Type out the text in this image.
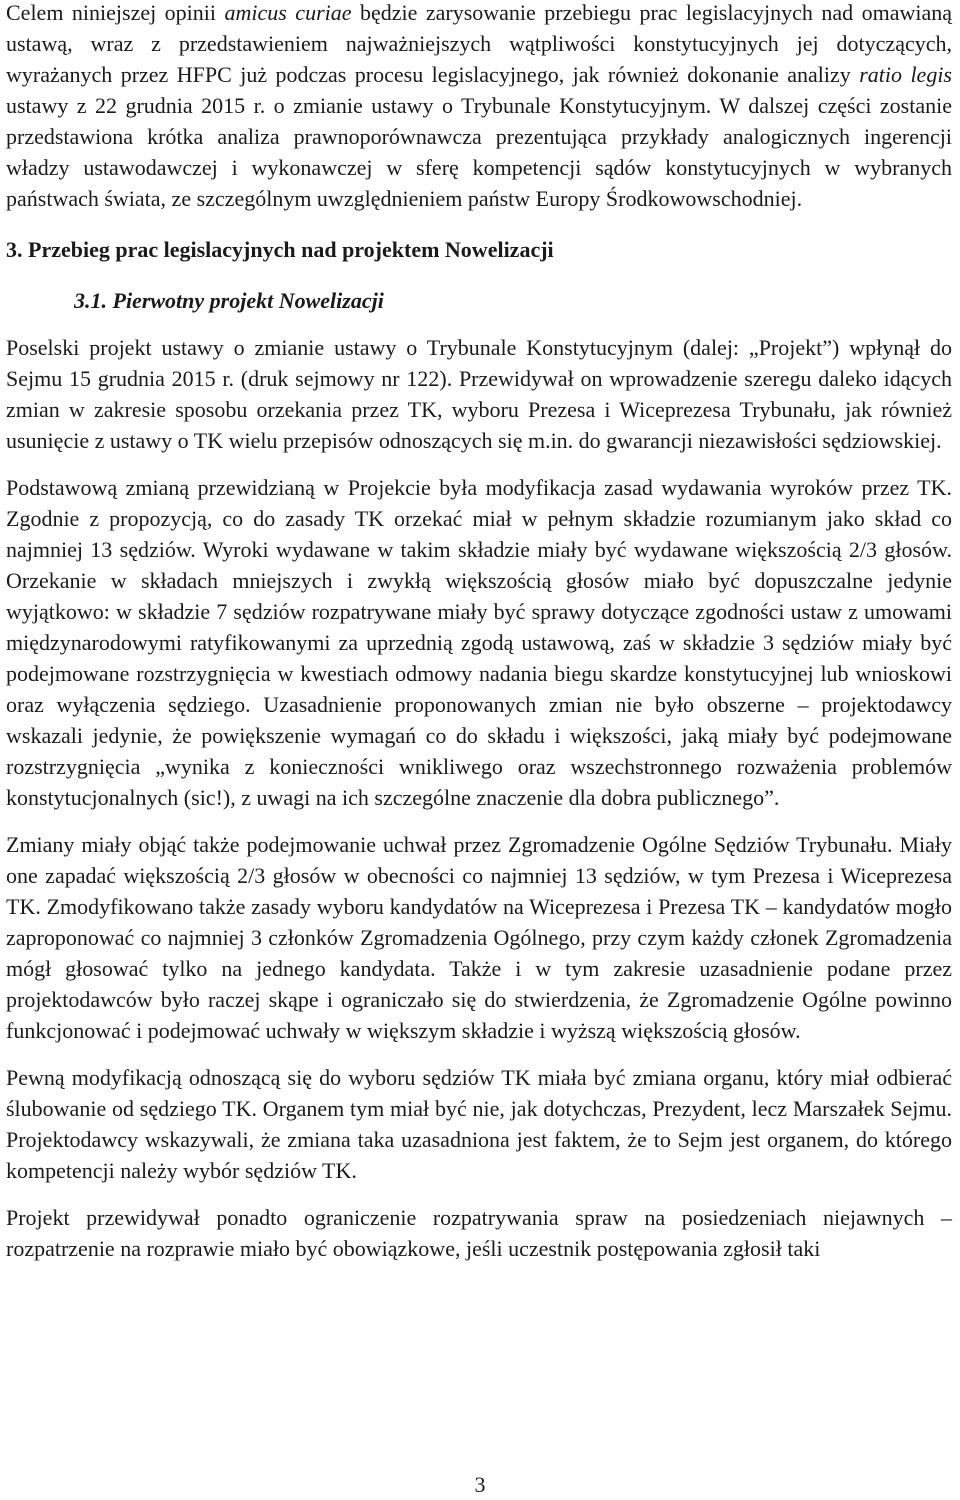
Celem niniejszej opinii amicus curiae będzie zarysowanie przebiegu prac legislacyjnych nad omawianą ustawą, wraz z przedstawieniem najważniejszych wątpliwości konstytucyjnych jej dotyczących, wyrażanych przez HFPC już podczas procesu legislacyjnego, jak również dokonanie analizy ratio legis ustawy z 22 grudnia 2015 r. o zmianie ustawy o Trybunale Konstytucyjnym. W dalszej części zostanie przedstawiona krótka analiza prawnoporównawcza prezentująca przykłady analogicznych ingerencji władzy ustawodawczej i wykonawczej w sferę kompetencji sądów konstytucyjnych w wybranych państwach świata, ze szczególnym uwzględnieniem państw Europy Środkowowschodniej.

3. Przebieg prac legislacyjnych nad projektem Nowelizacji
3.1. Pierwotny projekt Nowelizacji

Poselski projekt ustawy o zmianie ustawy o Trybunale Konstytucyjnym (dalej: „Projekt”) wpłynął do Sejmu 15 grudnia 2015 r. (druk sejmowy nr 122). Przewidywał on wprowadzenie szeregu daleko idących zmian w zakresie sposobu orzekania przez TK, wyboru Prezesa i Wiceprezesa Trybunału, jak również usunięcie z ustawy o TK wielu przepisów odnoszących się m.in. do gwarancji niezawisłości sędziowskiej.

Podstawową zmianą przewidzianą w Projekcie była modyfikacja zasad wydawania wyroków przez TK. Zgodnie z propozycją, co do zasady TK orzekać miał w pełnym składzie rozumianym jako skład co najmniej 13 sędziów. Wyroki wydawane w takim składzie miały być wydawane większością 2/3 głosów. Orzekanie w składach mniejszych i zwykłą większością głosów miało być dopuszczalne jedynie wyjątkowo: w składzie 7 sędziów rozpatrywane miały być sprawy dotyczące zgodności ustaw z umowami międzynarodowymi ratyfikowanymi za uprzednią zgodą ustawową, zaś w składzie 3 sędziów miały być podejmowane rozstrzygnięcia w kwestiach odmowy nadania biegu skardze konstytucyjnej lub wnioskowi oraz wyłączenia sędziego. Uzasadnienie proponowanych zmian nie było obszerne – projektodawcy wskazali jedynie, że powiększenie wymagań co do składu i większości, jaką miały być podejmowane rozstrzygnięcia „wynika z konieczności wnikliwego oraz wszechstronnego rozważenia problemów konstytucjonalnych (sic!), z uwagi na ich szczególne znaczenie dla dobra publicznego”.

Zmiany miały objąć także podejmowanie uchwał przez Zgromadzenie Ogólne Sędziów Trybunału. Miały one zapadać większością 2/3 głosów w obecności co najmniej 13 sędziów, w tym Prezesa i Wiceprezesa TK. Zmodyfikowano także zasady wyboru kandydatów na Wiceprezesa i Prezesa TK – kandydatów mogło zaproponować co najmniej 3 członków Zgromadzenia Ogólnego, przy czym każdy członek Zgromadzenia mógł głosować tylko na jednego kandydata. Także i w tym zakresie uzasadnienie podane przez projektodawców było raczej skąpe i ograniczało się do stwierdzenia, że Zgromadzenie Ogólne powinno funkcjonować i podejmować uchwały w większym składzie i wyższą większością głosów.

Pewną modyfikacją odnoszącą się do wyboru sędziów TK miała być zmiana organu, który miał odbierać ślubowanie od sędziego TK. Organem tym miał być nie, jak dotychczas, Prezydent, lecz Marszałek Sejmu. Projektodawcy wskazywali, że zmiana taka uzasadniona jest faktem, że to Sejm jest organem, do którego kompetencji należy wybór sędziów TK.

Projekt przewidywał ponadto ograniczenie rozpatrywania spraw na posiedzeniach niejawnych – rozpatrzenie na rozprawie miało być obowiązkowe, jeśli uczestnik postępowania zgłosił taki

3
